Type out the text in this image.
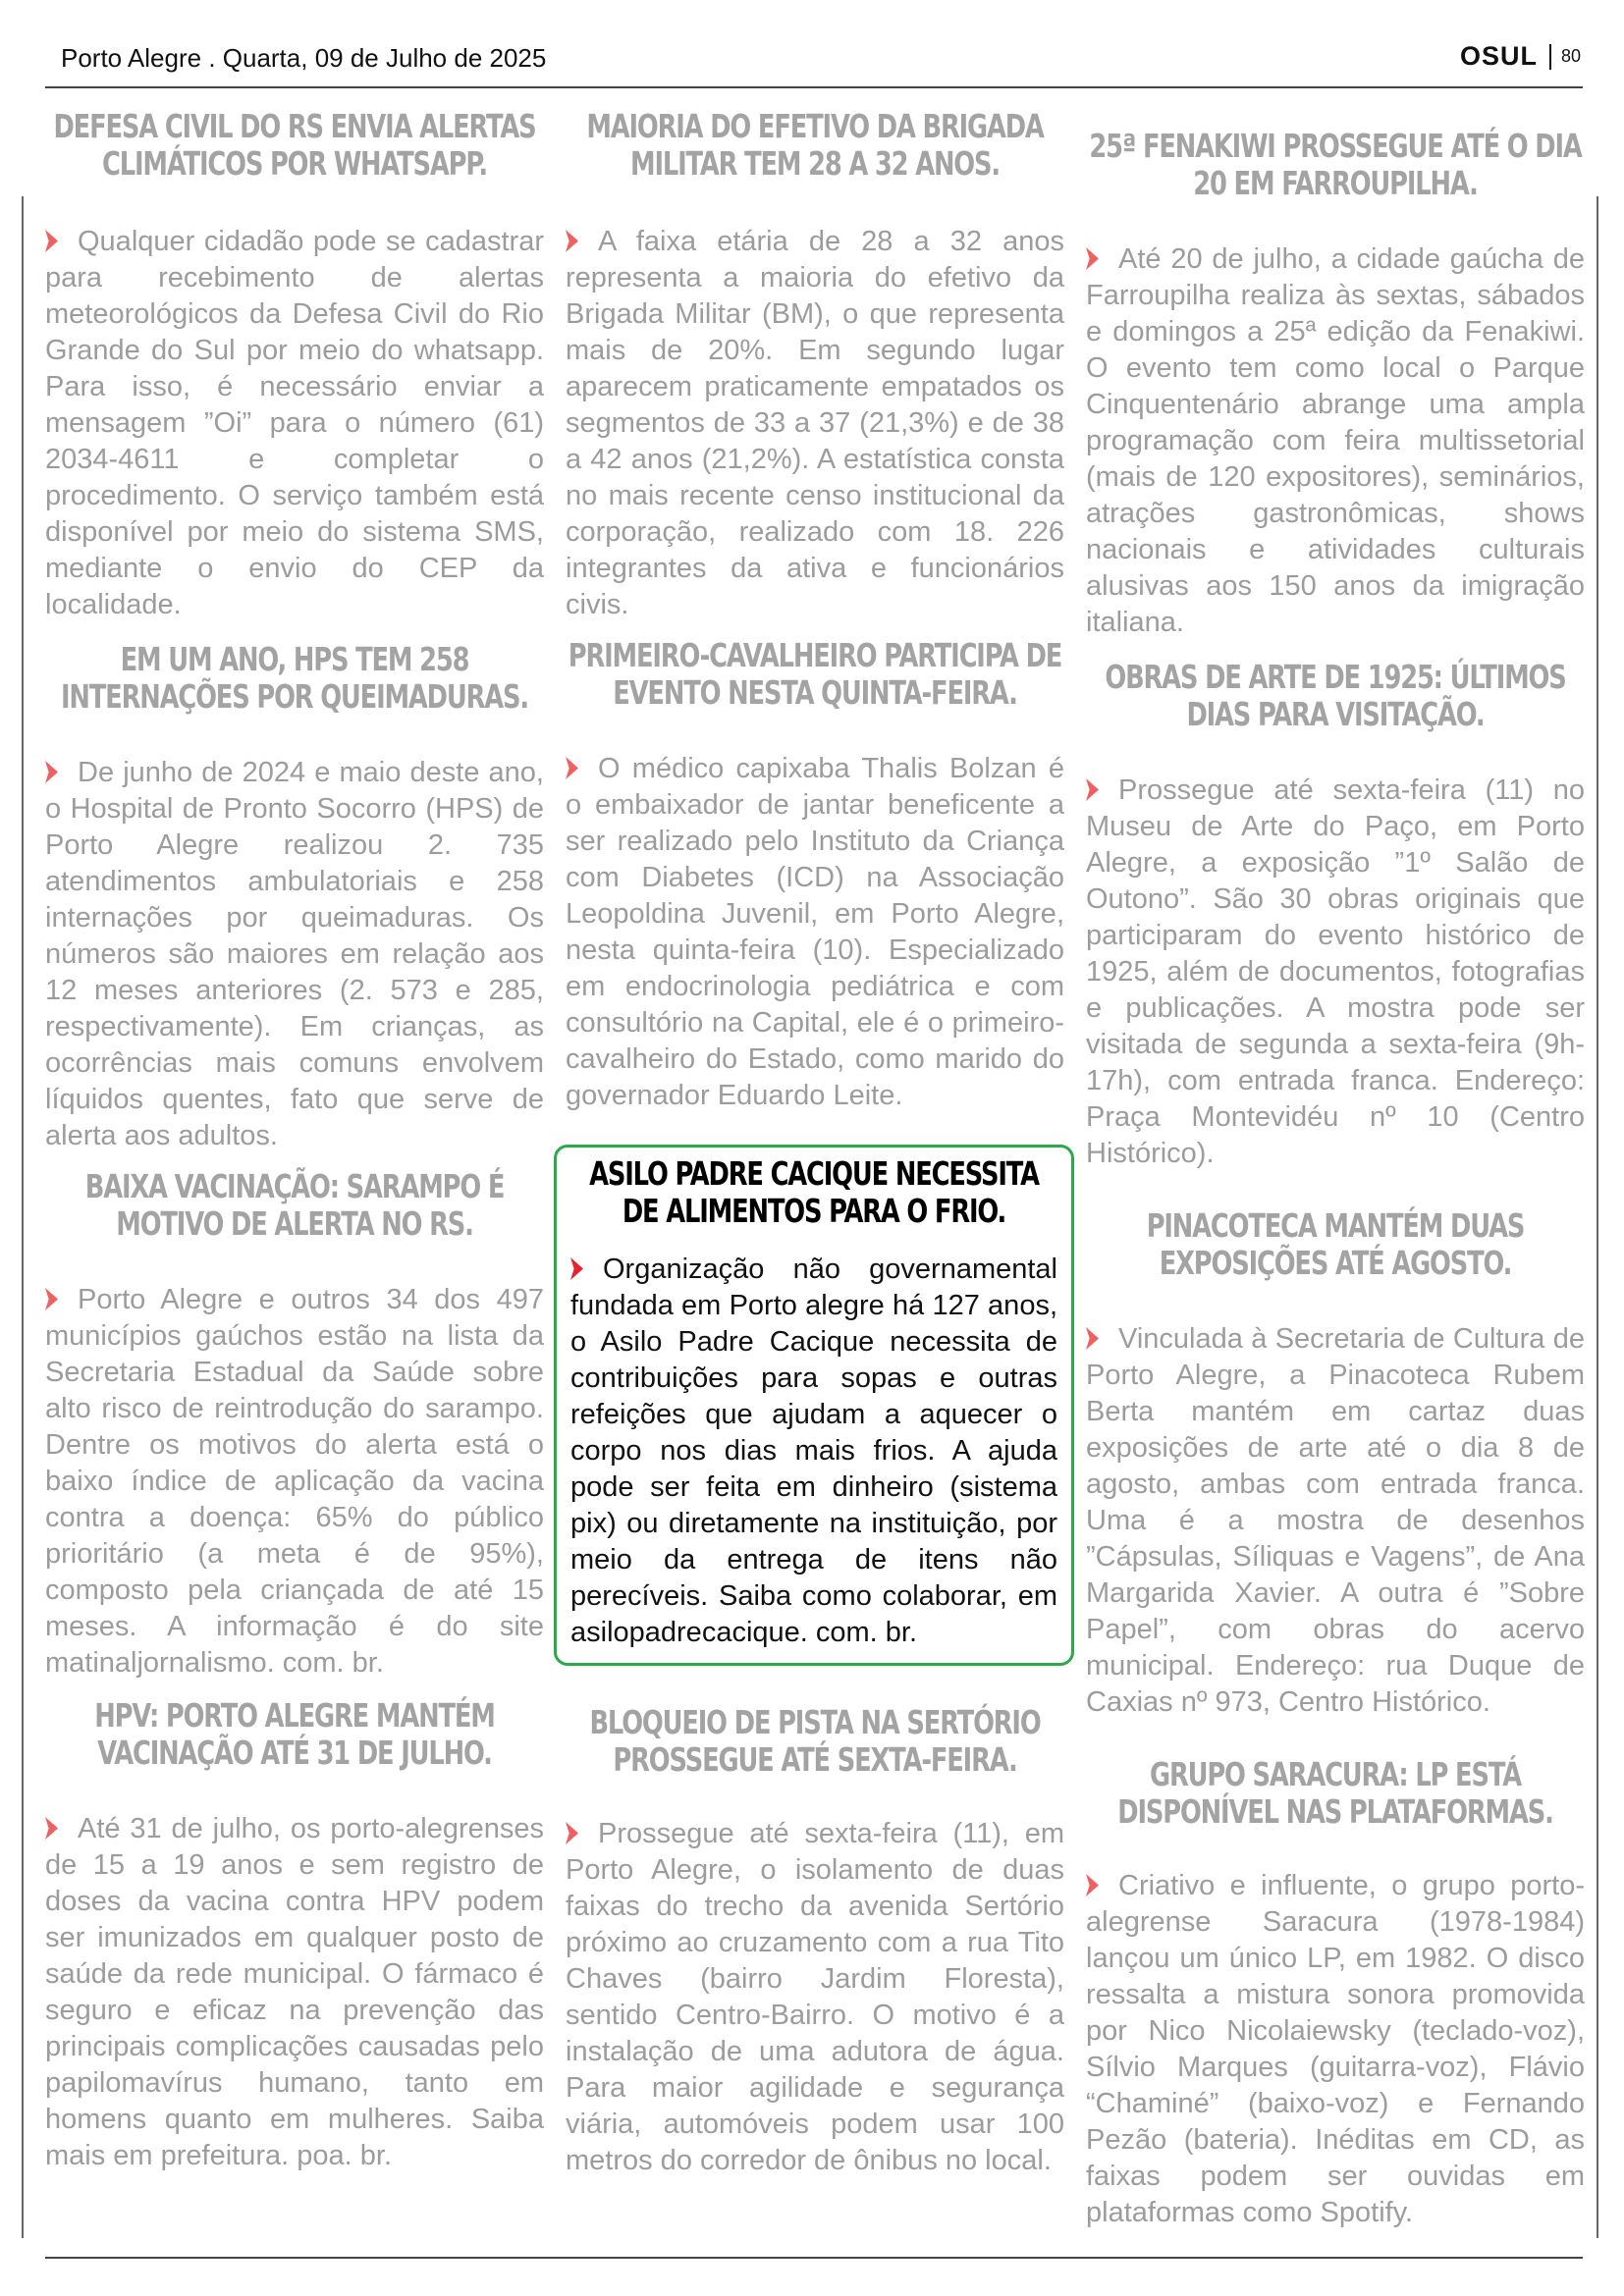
Porto Alegre . Quarta, 09 de Julho de 2025	OSUL 80
DEFESA CIVIL DO RS ENVIA ALERTAS CLIMÁTICOS POR WHATSAPP.

Qualquer cidadão pode se cadastrar para recebimento de alertas meteorológicos da Defesa Civil do Rio Grande do Sul por meio do whatsapp. Para isso, é necessário enviar a mensagem ”Oi” para o número (61) 2034-4611 e completar o procedimento. O serviço também está disponível por meio do sistema SMS, mediante o envio do CEP da localidade.

EM UM ANO, HPS TEM 258 INTERNAÇÕES POR QUEIMADURAS.

De junho de 2024 e maio deste ano, o Hospital de Pronto Socorro (HPS) de Porto Alegre realizou 2. 735 atendimentos ambulatoriais e 258 internações por queimaduras. Os números são maiores em relação aos 12 meses anteriores (2. 573 e 285, respectivamente). Em crianças, as ocorrências mais comuns envolvem líquidos quentes, fato que serve de alerta aos adultos.

BAIXA VACINAÇÃO: SARAMPO É MOTIVO DE ALERTA NO RS.

Porto Alegre e outros 34 dos 497 municípios gaúchos estão na lista da Secretaria Estadual da Saúde sobre alto risco de reintrodução do sarampo. Dentre os motivos do alerta está o baixo índice de aplicação da vacina contra a doença: 65% do público prioritário (a meta é de 95%), composto pela criançada de até 15 meses. A informação é do site matinaljornalismo. com. br.

HPV: PORTO ALEGRE MANTÉM VACINAÇÃO ATÉ 31 DE JULHO.

Até 31 de julho, os porto-alegrenses de 15 a 19 anos e sem registro de doses da vacina contra HPV podem ser imunizados em qualquer posto de saúde da rede municipal. O fármaco é seguro e eficaz na prevenção das principais complicações causadas pelo papilomavírus humano, tanto em homens quanto em mulheres. Saiba mais em prefeitura. poa. br.

MAIORIA DO EFETIVO DA BRIGADA MILITAR TEM 28 A 32 ANOS.

A faixa etária de 28 a 32 anos representa a maioria do efetivo da Brigada Militar (BM), o que representa mais de 20%. Em segundo lugar aparecem praticamente empatados os segmentos de 33 a 37 (21,3%) e de 38 a 42 anos (21,2%). A estatística consta no mais recente censo institucional da corporação, realizado com 18. 226 integrantes da ativa e funcionários civis.

PRIMEIRO-CAVALHEIRO PARTICIPA DE EVENTO NESTA QUINTA-FEIRA.

O médico capixaba Thalis Bolzan é o embaixador de jantar beneficente a ser realizado pelo Instituto da Criança com Diabetes (ICD) na Associação Leopoldina Juvenil, em Porto Alegre, nesta quinta-feira (10). Especializado em endocrinologia pediátrica e com consultório na Capital, ele é o primeiro-cavalheiro do Estado, como marido do governador Eduardo Leite.

ASILO PADRE CACIQUE NECESSITA DE ALIMENTOS PARA O FRIO.

Organização não governamental fundada em Porto alegre há 127 anos, o Asilo Padre Cacique necessita de contribuições para sopas e outras refeições que ajudam a aquecer o corpo nos dias mais frios. A ajuda pode ser feita em dinheiro (sistema pix) ou diretamente na instituição, por meio da entrega de itens não perecíveis. Saiba como colaborar, em asilopadrecacique. com. br.

BLOQUEIO DE PISTA NA SERTÓRIO PROSSEGUE ATÉ SEXTA-FEIRA.

Prossegue até sexta-feira (11), em Porto Alegre, o isolamento de duas faixas do trecho da avenida Sertório próximo ao cruzamento com a rua Tito Chaves (bairro Jardim Floresta), sentido Centro-Bairro. O motivo é a instalação de uma adutora de água. Para maior agilidade e segurança viária, automóveis podem usar 100 metros do corredor de ônibus no local.

25ª FENAKIWI PROSSEGUE ATÉ O DIA 20 EM FARROUPILHA.

Até 20 de julho, a cidade gaúcha de Farroupilha realiza às sextas, sábados e domingos a 25ª edição da Fenakiwi. O evento tem como local o Parque Cinquentenário abrange uma ampla programação com feira multissetorial (mais de 120 expositores), seminários, atrações gastronômicas, shows nacionais e atividades culturais alusivas aos 150 anos da imigração italiana.

OBRAS DE ARTE DE 1925: ÚLTIMOS DIAS PARA VISITAÇÃO.

Prossegue até sexta-feira (11) no Museu de Arte do Paço, em Porto Alegre, a exposição ”1º Salão de Outono”. São 30 obras originais que participaram do evento histórico de 1925, além de documentos, fotografias e publicações. A mostra pode ser visitada de segunda a sexta-feira (9h-17h), com entrada franca. Endereço: Praça Montevidéu nº 10 (Centro Histórico).

PINACOTECA MANTÉM DUAS EXPOSIÇÕES ATÉ AGOSTO.

Vinculada à Secretaria de Cultura de Porto Alegre, a Pinacoteca Rubem Berta mantém em cartaz duas exposições de arte até o dia 8 de agosto, ambas com entrada franca. Uma é a mostra de desenhos ”Cápsulas, Síliquas e Vagens”, de Ana Margarida Xavier. A outra é ”Sobre Papel”, com obras do acervo municipal. Endereço: rua Duque de Caxias nº 973, Centro Histórico.

GRUPO SARACURA: LP ESTÁ DISPONÍVEL NAS PLATAFORMAS.

Criativo e influente, o grupo porto-alegrense Saracura (1978-1984) lançou um único LP, em 1982. O disco ressalta a mistura sonora promovida por Nico Nicolaiewsky (teclado-voz), Sílvio Marques (guitarra-voz), Flávio “Chaminé” (baixo-voz) e Fernando Pezão (bateria). Inéditas em CD, as faixas podem ser ouvidas em plataformas como Spotify.
